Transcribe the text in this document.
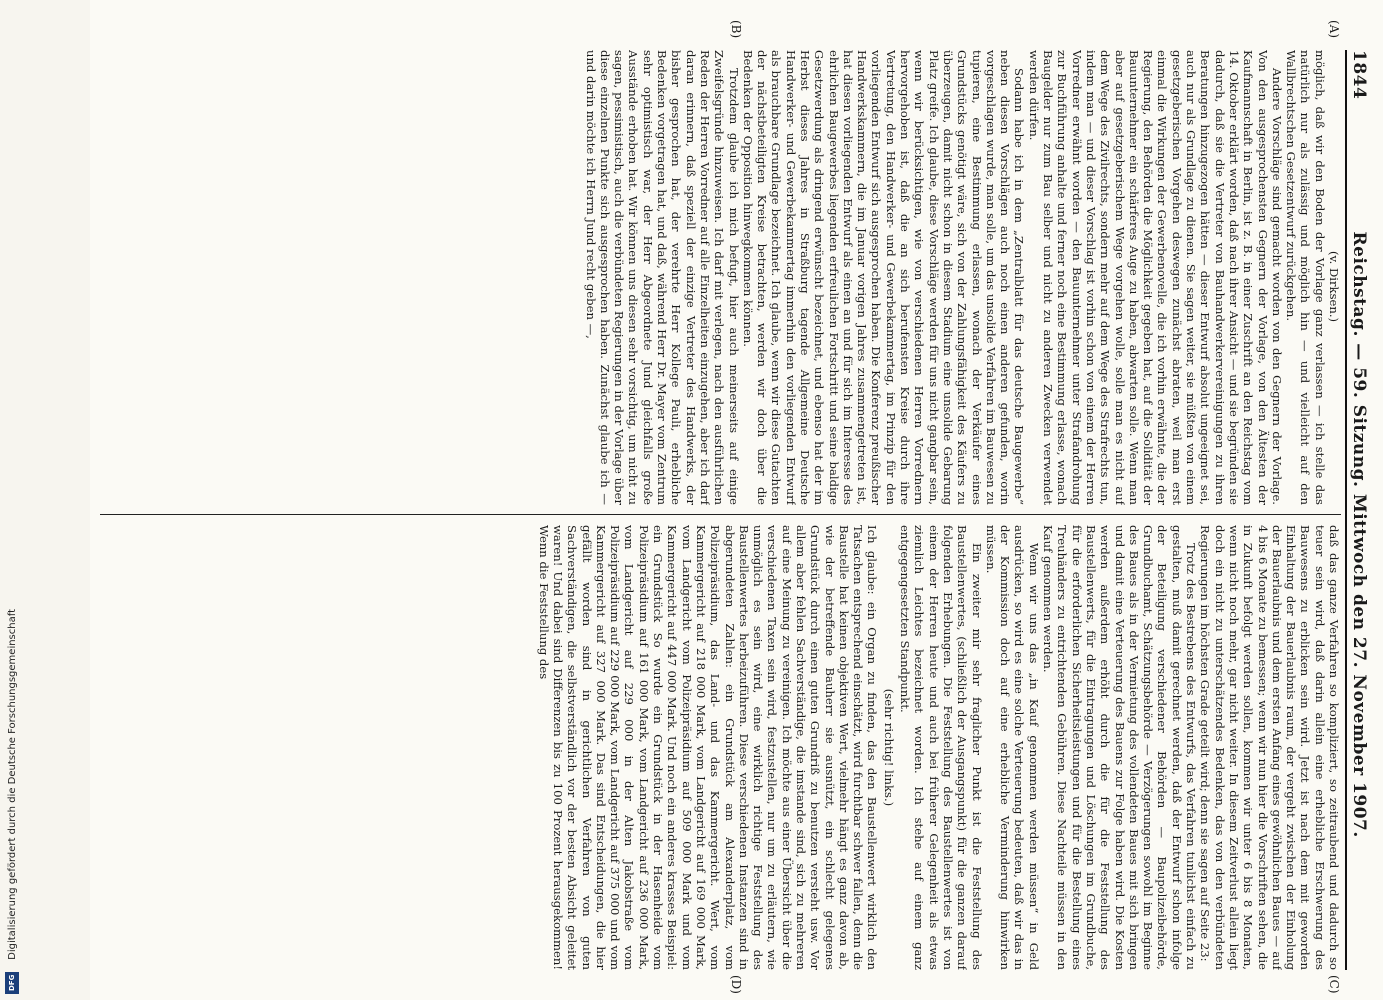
1844
Reichstag. — 59. Sitzung. Mittwoch den 27. November 1907.
(A)
(B)
(C)
(D)

(v. Dirksen.)

möglich, daß wir den Boden der Vorlage ganz verlassen — ich stelle das natürlich nur als zulässig und möglich hin — und vielleicht auf den Wallbrechtschen Gesetzentwurf zurückgehen.

Andere Vorschläge sind gemacht worden von den Gegnern der Vorlage. Von den ausgesprochensten Gegnern der Vorlage, von den Ältesten der Kaufmannschaft in Berlin, ist z. B. in einer Zuschrift an den Reichstag vom 14. Oktober erklärt worden, daß nach ihrer Ansicht — und sie begründen sie dadurch, daß sie die Vertreter von Bauhandwerkervereinigungen zu ihren Beratungen hinzugezogen hätten — dieser Entwurf absolut ungeeignet sei, auch nur als Grundlage zu dienen. Sie sagen weiter, sie müßten von einem gesetzgeberischen Vorgehen deswegen zunächst abraten, weil man erst einmal die Wirkungen der Gewerbenovelle, die ich vorhin erwähnte, die der Regierung, den Behörden die Möglichkeit gegeben hat, auf die Solidität der Bauunternehmer ein schärferes Auge zu haben, abwarten solle. Wenn man aber auf gesetzgeberischem Wege vorgehen wolle, solle man es nicht auf dem Wege des Zivilrechts, sondern mehr auf dem Wege des Strafrechts tun, indem man — und dieser Vorschlag ist vorhin schon von einem der Herren Vorredner erwähnt worden — den Bauunternehmer unter Strafandrohung zur Buchführung anhalte und ferner noch eine Bestimmung erlasse, wonach Baugelder nur zum Bau selber und nicht zu anderen Zwecken verwendet werden dürfen.

Sodann habe ich in dem „Zentralblatt für das deutsche Baugewerbe“ neben diesen Vorschlägen auch noch einen anderen gefunden, worin vorgeschlagen wurde, man solle, um das unsolide Verfahren im Bauwesen zu tupieren, eine Bestimmung erlassen, wonach der Verkäufer eines Grundstücks genötigt wäre, sich von der Zahlungsfähigkeit des Käufers zu überzeugen, damit nicht schon in diesem Stadium eine unsolide Gebarung Platz greife. Ich glaube, diese Vorschläge werden für uns nicht gangbar sein, wenn wir berücksichtigen, wie von verschiedenen Herren Vorrednern hervorgehoben ist, daß die an sich berufensten Kreise durch ihre Vertretung, den Handwerker- und Gewerbekammertag, im Prinzip für den vorliegenden Entwurf sich ausgesprochen haben. Die Konferenz preußischer Handwerkskammern, die im Januar vorigen Jahres zusammengetreten ist, hat diesen vorliegenden Entwurf als einen an und für sich im Interesse des ehrlichen Baugewerbes liegenden erfreulichen Fortschritt und seine baldige Gesetzwerdung als dringend erwünscht bezeichnet, und ebenso hat der im Herbst dieses Jahres in Straßburg tagende Allgemeine Deutsche Handwerker- und Gewerbekammertag immerhin den vorliegenden Entwurf als brauchbare Grundlage bezeichnet. Ich glaube, wenn wir diese Gutachten der nächstbeteiligten Kreise betrachten, werden wir doch über die Bedenken der Opposition hinwegkommen können.

Trotzdem glaube ich mich befugt, hier auch meinerseits auf einige Zweifelsgründe hinzuweisen. Ich darf mit verlegen, nach den ausführlichen Reden der Herren Vorredner auf alle Einzelheiten einzugehen, aber ich darf daran erinnern, daß speziell der einzige Vertreter des Handwerks, der bisher gesprochen hat, der verehrte Herr Kollege Pauli, erhebliche Bedenken vorgetragen hat, und daß, während Herr Dr. Mayer vom Zentrum sehr optimistisch war, der Herr Abgeordnete Jund gleichfalls große Ausstände erhoben hat. Wir können uns diesen sehr vorsichtig, um nicht zu sagen, pessimistisch, auch die verbündeten Regierungen in der Vorlage über diese einzelnen Punkte sich ausgesprochen haben. Zunächst glaube ich — und darin möchte ich Herrn Jund recht geben —,

daß das ganze Verfahren so kompliziert, so zeitraubend und dadurch so teuer sein wird, daß darin allein eine erhebliche Erschwerung des Bauwesens zu erblicken sein wird. Jetzt ist nach dem mit geworden Einhaltung der Bauerlaubnis raum, der vergeht zwischen der Einholung der Bauerlaubnis und dem ersten Anfang eines gewöhnlichen Baues — auf 4 bis 6 Monate zu bemessen; wenn wir nun hier die Vorschriften sehen, die in Zukunft befolgt werden sollen, kommen wir unter 6 bis 8 Monaten, wenn nicht noch mehr, gar nicht weiter. In diesem Zeitverlust allein liegt doch ein nicht zu unterschätzendes Bedenken, das von den verbündeten Regierungen im höchsten Grade geteilt wird; denn sie sagen auf Seite 23:

Trotz des Bestrebens des Entwurfs, das Verfahren tunlichst einfach zu gestalten, muß damit gerechnet werden, daß der Entwurf schon infolge der Beteiligung verschiedener Behörden — Baupolizeibehörde, Grundbuchamt, Schätzungsbehörde — Verzögerungen sowohl im Beginne des Baues als in der Vermietung des vollendeten Baues mit sich bringen und damit eine Verteuerung des Bauens zur Folge haben wird. Die Kosten werden außerdem erhöht durch die für die Feststellung des Baustellenwerts, für die Eintragungen und Löschungen im Grundbuche, für die erforderlichen Sicherheitsleistungen und für die Bestellung eines Treuhänders zu entrichtenden Gebühren. Diese Nachteile müssen in den Kauf genommen werden.

Wenn wir uns das „in Kauf genommen werden müssen“ in Geld ausdrücken, so wird es eine solche Verteuerung bedeuten, daß wir das in der Kommission doch auf eine erhebliche Verminderung hinwirken müssen.

Ein zweiter mir sehr fraglicher Punkt ist die Feststellung des Baustellenwertes, (schließlich der Ausgangspunkt) für die ganzen darauf folgenden Erhebungen. Die Feststellung des Baustellenwertes ist von einem der Herren heute und auch bei früherer Gelegenheit als etwas ziemlich Leichtes bezeichnet worden. Ich stehe auf einem ganz entgegengesetzten Standpunkt.

(sehr richtig! links.)

Ich glaube: ein Organ zu finden, das den Baustellenwert wirklich den Tatsachen entsprechend einschätzt, wird furchtbar schwer fallen, denn die Baustelle hat keinen objektiven Wert, vielmehr hängt es ganz davon ab, wie der betreffende Bauherr sie ausnützt, ein schlecht gelegenes Grundstück durch einen guten Grundriß zu benutzen versteht usw. Vor allem aber fehlen Sachverständige, die imstande sind, sich zu mehreren auf eine Meinung zu vereinigen. Ich möchte aus einer Übersicht über die verschiedenen Taxen sein wird, festzustellen, nur um zu erläutern, wie unmöglich es sein wird, eine wirklich richtige Feststellung des Baustellenwertes herbeizuführen. Diese verschiedenen Instanzen sind in abgerundeten Zahlen: ein Grundstück am Alexanderplatz, vom Polizeipräsidium, das Land- und das Kammergericht. Wert, vom Kammergericht auf 218 000 Mark, vom Landgericht auf 169 000 Mark, vom Landgericht vom Polizeipräsidium auf 509 000 Mark und vom Kammergericht auf 447 000 Mark. Und noch ein anderes krasses Beispiel: ein Grundstück So wurde ein Grundstück in der Hasenheide vom Polizeipräsidium auf 161 000 Mark, vom Landgericht auf 236 000 Mark, vom Landgericht auf 229 000 in der Alten Jakobstraße vom Polizeipräsidium auf 229 000 Mark, vom Landgericht auf 375 000 und vom Kammergericht auf 327 000 Mark. Das sind Entscheidungen, die hier gefällt worden sind in gerichtlichen Verfahren von guten Sachverständigen, die selbstverständlich vor der besten Absicht geleitet waren! Und dabei sind Differenzen bis zu 100 Prozent herausgekommen! Wenn die Feststellung des

Digitalisierung gefördert durch die Deutsche Forschungsgemeinschaft
DFG
